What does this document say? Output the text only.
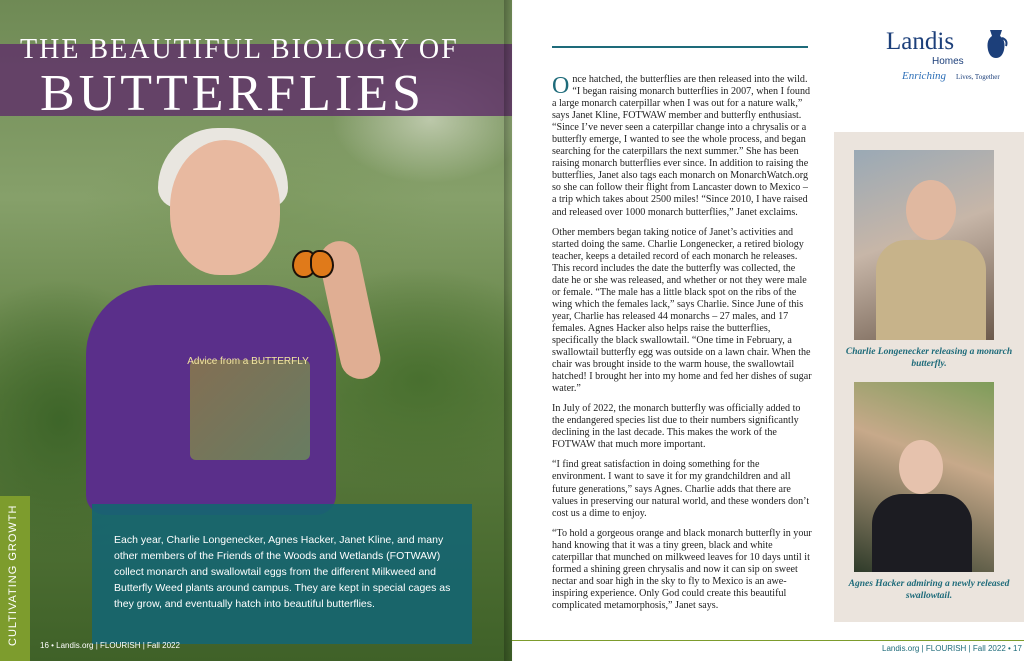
THE BEAUTIFUL BIOLOGY OF
BUTTERFLIES
Advice from a BUTTERFLY
Each year, Charlie Longenecker, Agnes Hacker, Janet Kline, and many other members of the Friends of the Woods and Wetlands (FOTWAW) collect monarch and swallowtail eggs from the different Milkweed and Butterfly Weed plants around campus. They are kept in special cages as they grow, and eventually hatch into beautiful butterflies.
CULTIVATING GROWTH	16 • Landis.org | FLOURISH | Fall 2022
Landis
Homes
Enriching Lives, Together

Once hatched, the butterflies are then released into the wild. “I began raising monarch butterflies in 2007, when I found a large monarch caterpillar when I was out for a nature walk,” says Janet Kline, FOTWAW member and butterfly enthusiast. “Since I’ve never seen a caterpillar change into a chrysalis or a butterfly emerge, I wanted to see the whole process, and began searching for the caterpillars the next summer.” She has been raising monarch butterflies ever since. In addition to raising the butterflies, Janet also tags each monarch on MonarchWatch.org so she can follow their flight from Lancaster down to Mexico – a trip which takes about 2500 miles! “Since 2010, I have raised and released over 1000 monarch butterflies,” Janet exclaims.

Other members began taking notice of Janet’s activities and started doing the same. Charlie Longenecker, a retired biology teacher, keeps a detailed record of each monarch he releases. This record includes the date the butterfly was collected, the date he or she was released, and whether or not they were male or female. “The male has a little black spot on the ribs of the wing which the females lack,” says Charlie. Since June of this year, Charlie has released 44 monarchs – 27 males, and 17 females. Agnes Hacker also helps raise the butterflies, specifically the black swallowtail. “One time in February, a swallowtail butterfly egg was outside on a lawn chair. When the chair was brought inside to the warm house, the swallowtail hatched! I brought her into my home and fed her dishes of sugar water.”

In July of 2022, the monarch butterfly was officially added to the endangered species list due to their numbers significantly declining in the last decade. This makes the work of the FOTWAW that much more important.

“I find great satisfaction in doing something for the environment. I want to save it for my grandchildren and all future generations,” says Agnes. Charlie adds that there are values in preserving our natural world, and these wonders don’t cost us a dime to enjoy.

“To hold a gorgeous orange and black monarch butterfly in your hand knowing that it was a tiny green, black and white caterpillar that munched on milkweed leaves for 10 days until it formed a shining green chrysalis and now it can sip on sweet nectar and soar high in the sky to fly to Mexico is an awe-inspiring experience. Only God could create this beautiful complicated metamorphosis,” Janet says.

Charlie Longenecker releasing a monarch butterfly.
Agnes Hacker admiring a newly released swallowtail.
Landis.org | FLOURISH | Fall 2022 • 17
